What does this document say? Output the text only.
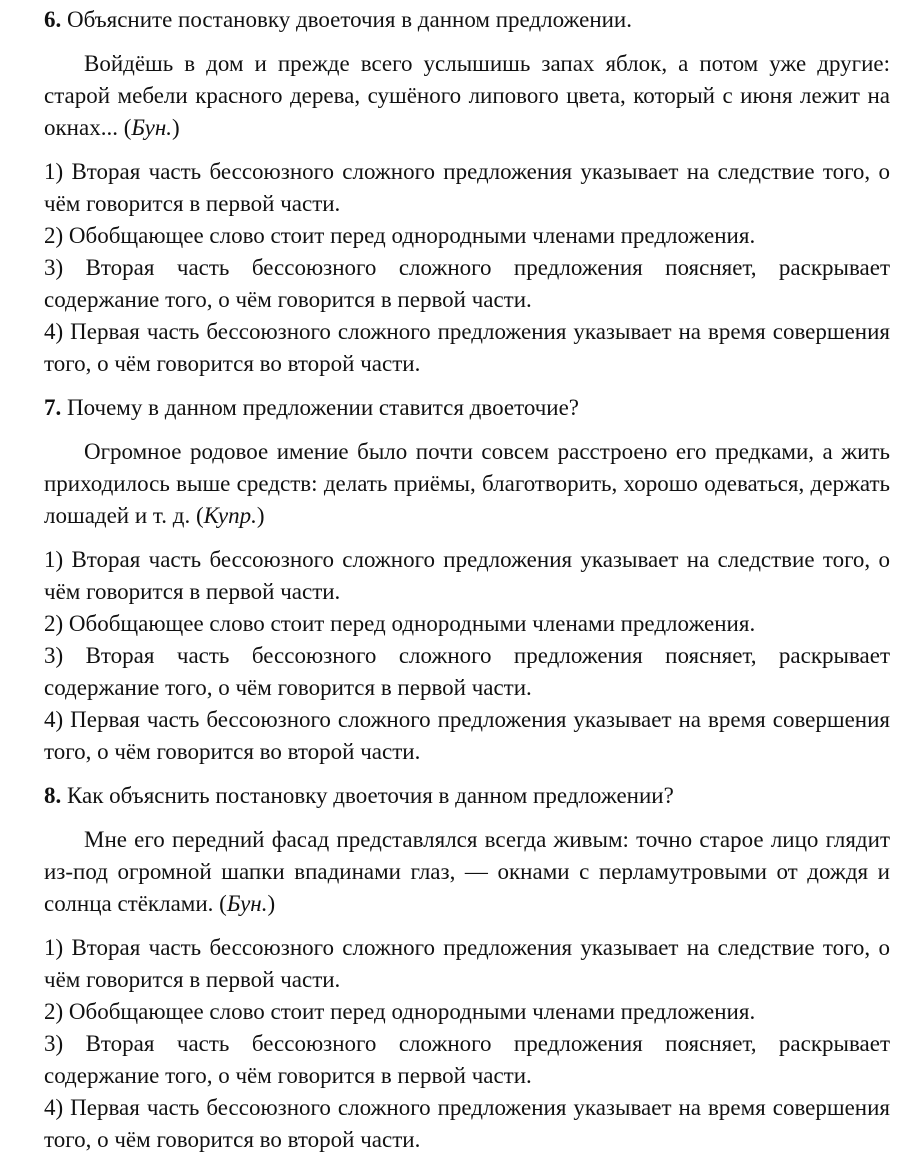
6. Объясните постановку двоеточия в данном предложении.

Войдёшь в дом и прежде всего услышишь запах яблок, а потом уже другие: старой мебели красного дерева, сушёного липового цвета, который с июня лежит на окнах... (Бун.)

1) Вторая часть бессоюзного сложного предложения указывает на следствие того, о чём говорится в первой части.

2) Обобщающее слово стоит перед однородными членами предложения.

3) Вторая часть бессоюзного сложного предложения поясняет, раскрывает содержание того, о чём говорится в первой части.

4) Первая часть бессоюзного сложного предложения указывает на время совершения того, о чём говорится во второй части.

7. Почему в данном предложении ставится двоеточие?

Огромное родовое имение было почти совсем расстроено его предками, а жить приходилось выше средств: делать приёмы, благотворить, хорошо одеваться, держать лошадей и т. д. (Купр.)

1) Вторая часть бессоюзного сложного предложения указывает на следствие того, о чём говорится в первой части.

2) Обобщающее слово стоит перед однородными членами предложения.

3) Вторая часть бессоюзного сложного предложения поясняет, раскрывает содержание того, о чём говорится в первой части.

4) Первая часть бессоюзного сложного предложения указывает на время совершения того, о чём говорится во второй части.

8. Как объяснить постановку двоеточия в данном предложении?

Мне его передний фасад представлялся всегда живым: точно старое лицо глядит из-под огромной шапки впадинами глаз, — окнами с перламутровыми от дождя и солнца стёклами. (Бун.)

1) Вторая часть бессоюзного сложного предложения указывает на следствие того, о чём говорится в первой части.

2) Обобщающее слово стоит перед однородными членами предложения.

3) Вторая часть бессоюзного сложного предложения поясняет, раскрывает содержание того, о чём говорится в первой части.

4) Первая часть бессоюзного сложного предложения указывает на время совершения того, о чём говорится во второй части.
